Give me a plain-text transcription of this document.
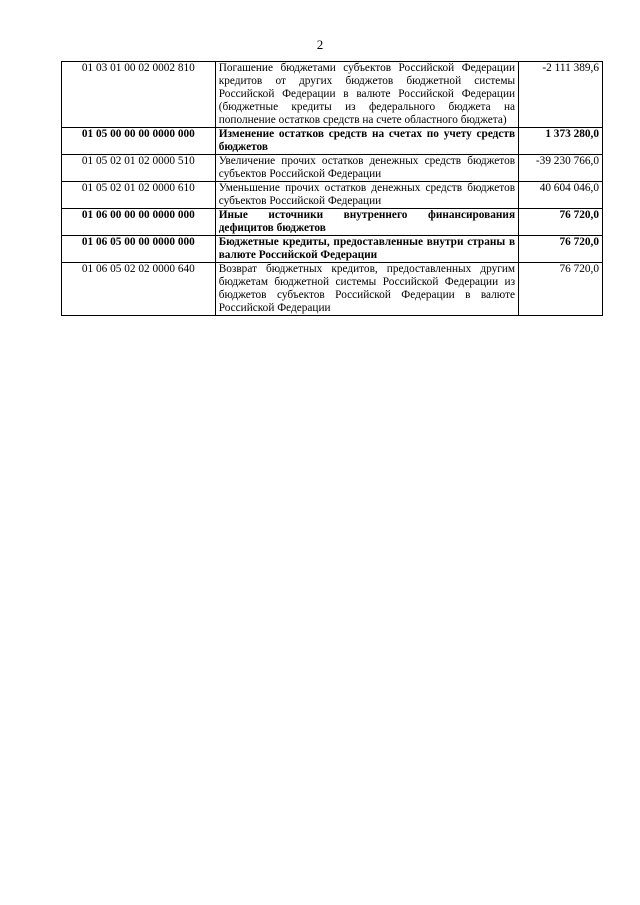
2
01 03 01 00 02 0002 810	Погашение бюджетами субъектов Российской Федерации кредитов от других бюджетов бюджетной системы Российской Федерации в валюте Российской Федерации (бюджетные кредиты из федерального бюджета на пополнение остатков средств на счете областного бюджета)	-2 111 389,6
01 05 00 00 00 0000 000	Изменение остатков средств на счетах по учету средств бюджетов	1 373 280,0
01 05 02 01 02 0000 510	Увеличение прочих остатков денежных средств бюджетов субъектов Российской Федерации	-39 230 766,0
01 05 02 01 02 0000 610	Уменьшение прочих остатков денежных средств бюджетов субъектов Российской Федерации	40 604 046,0
01 06 00 00 00 0000 000	Иные источники внутреннего финансирования дефицитов бюджетов	76 720,0
01 06 05 00 00 0000 000	Бюджетные кредиты, предоставленные внутри страны в валюте Российской Федерации	76 720,0
01 06 05 02 02 0000 640	Возврат бюджетных кредитов, предоставленных другим бюджетам бюджетной системы Российской Федерации из бюджетов субъектов Российской Федерации в валюте Российской Федерации	76 720,0
